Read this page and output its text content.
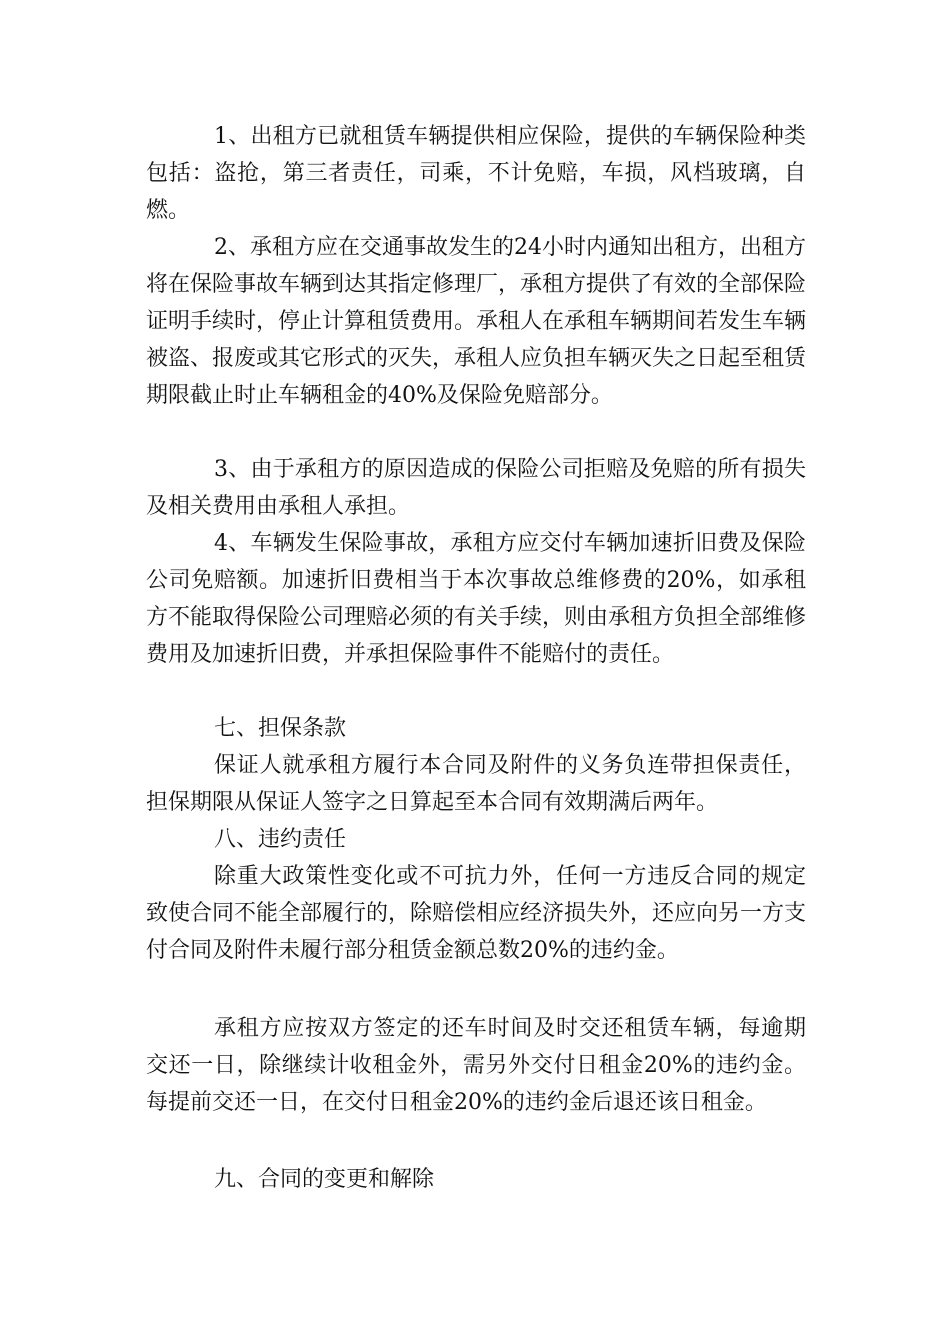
1、出租方已就租赁车辆提供相应保险，提供的车辆保险种类包括：盗抢，第三者责任，司乘，不计免赔，车损，风档玻璃，自燃。

2、承租方应在交通事故发生的24小时内通知出租方，出租方将在保险事故车辆到达其指定修理厂，承租方提供了有效的全部保险证明手续时，停止计算租赁费用。承租人在承租车辆期间若发生车辆被盗、报废或其它形式的灭失，承租人应负担车辆灭失之日起至租赁期限截止时止车辆租金的40%及保险免赔部分。

3、由于承租方的原因造成的保险公司拒赔及免赔的所有损失及相关费用由承租人承担。

4、车辆发生保险事故，承租方应交付车辆加速折旧费及保险公司免赔额。加速折旧费相当于本次事故总维修费的20%，如承租方不能取得保险公司理赔必须的有关手续，则由承租方负担全部维修费用及加速折旧费，并承担保险事件不能赔付的责任。

七、担保条款

保证人就承租方履行本合同及附件的义务负连带担保责任，担保期限从保证人签字之日算起至本合同有效期满后两年。

八、违约责任

除重大政策性变化或不可抗力外，任何一方违反合同的规定致使合同不能全部履行的，除赔偿相应经济损失外，还应向另一方支付合同及附件未履行部分租赁金额总数20%的违约金。

承租方应按双方签定的还车时间及时交还租赁车辆，每逾期交还一日，除继续计收租金外，需另外交付日租金20%的违约金。每提前交还一日，在交付日租金20%的违约金后退还该日租金。

九、合同的变更和解除
